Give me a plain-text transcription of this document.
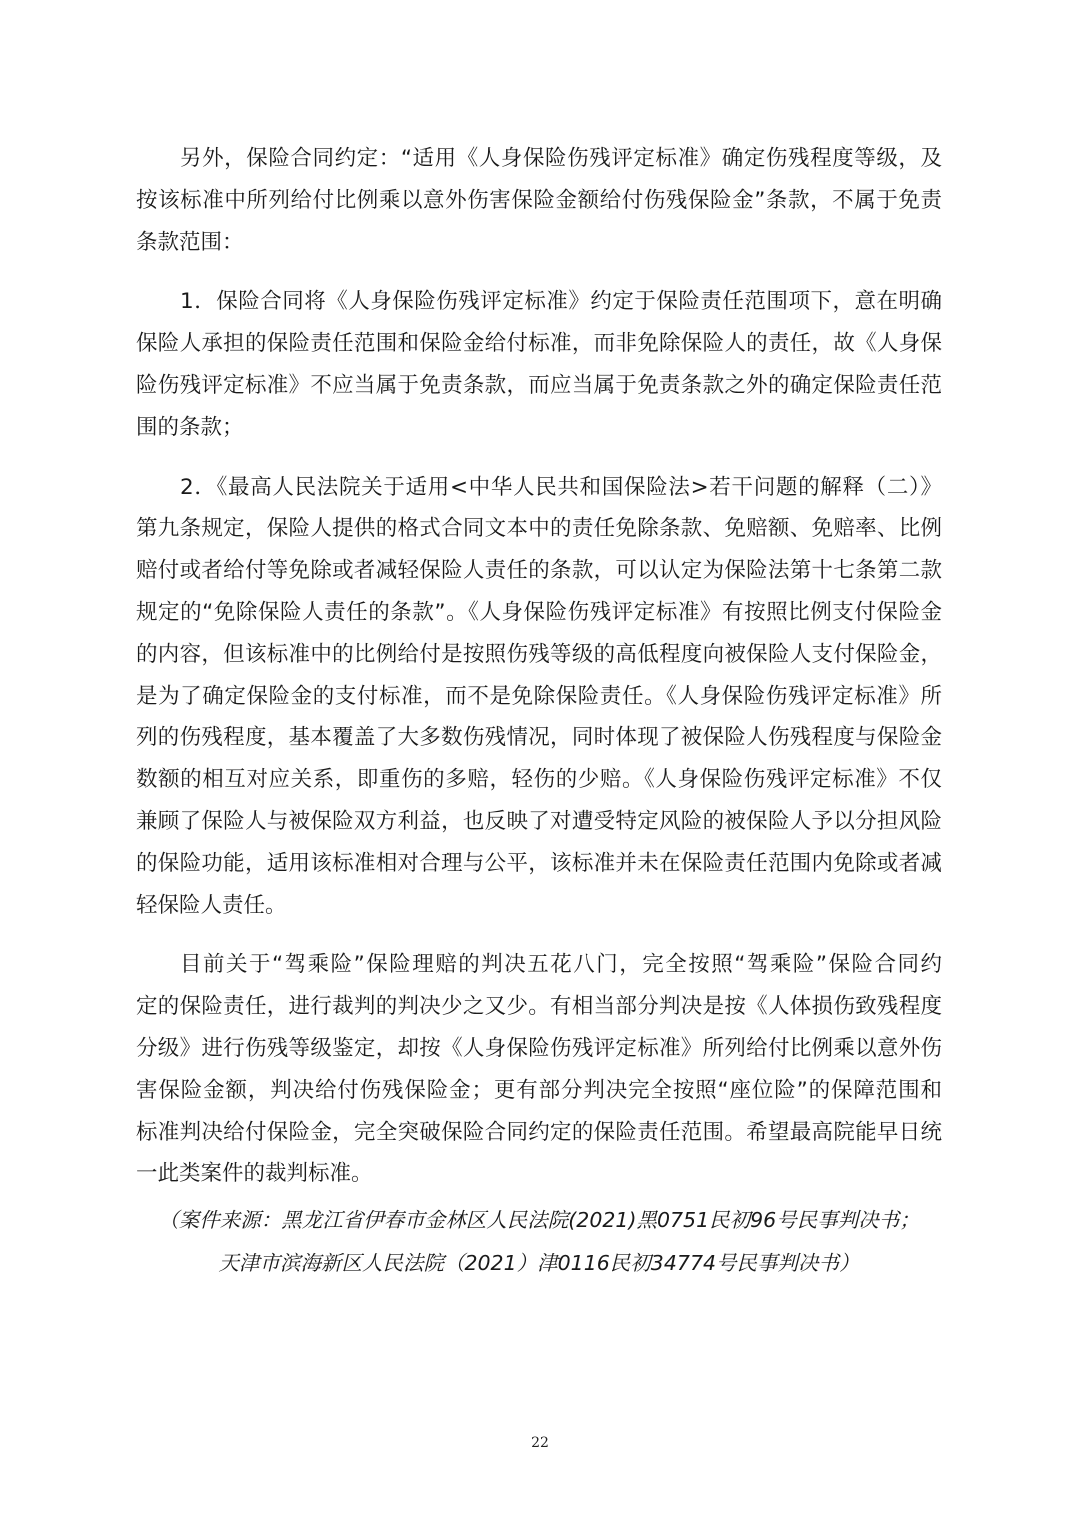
另外，保险合同约定：“适用《人身保险伤残评定标准》确定伤残程度等级，及
按该标准中所列给付比例乘以意外伤害保险金额给付伤残保险金”条款，不属于免责
条款范围：
1．保险合同将《人身保险伤残评定标准》约定于保险责任范围项下，意在明确
保险人承担的保险责任范围和保险金给付标准，而非免除保险人的责任，故《人身保
险伤残评定标准》不应当属于免责条款，而应当属于免责条款之外的确定保险责任范
围的条款；
2．《最高人民法院关于适用<中华人民共和国保险法>若干问题的解释（二）》
第九条规定，保险人提供的格式合同文本中的责任免除条款、免赔额、免赔率、比例
赔付或者给付等免除或者减轻保险人责任的条款，可以认定为保险法第十七条第二款
规定的“免除保险人责任的条款”。《人身保险伤残评定标准》有按照比例支付保险金
的内容，但该标准中的比例给付是按照伤残等级的高低程度向被保险人支付保险金，
是为了确定保险金的支付标准，而不是免除保险责任。《人身保险伤残评定标准》所
列的伤残程度，基本覆盖了大多数伤残情况，同时体现了被保险人伤残程度与保险金
数额的相互对应关系，即重伤的多赔，轻伤的少赔。《人身保险伤残评定标准》不仅
兼顾了保险人与被保险双方利益，也反映了对遭受特定风险的被保险人予以分担风险
的保险功能，适用该标准相对合理与公平，该标准并未在保险责任范围内免除或者减
轻保险人责任。
目前关于“驾乘险”保险理赔的判决五花八门，完全按照“驾乘险”保险合同约
定的保险责任，进行裁判的判决少之又少。有相当部分判决是按《人体损伤致残程度
分级》进行伤残等级鉴定，却按《人身保险伤残评定标准》所列给付比例乘以意外伤
害保险金额，判决给付伤残保险金；更有部分判决完全按照“座位险”的保障范围和
标准判决给付保险金，完全突破保险合同约定的保险责任范围。希望最高院能早日统
一此类案件的裁判标准。
（案件来源：黑龙江省伊春市金林区人民法院(2021)黑0751民初96号民事判决书；
天津市滨海新区人民法院（2021）津0116民初34774号民事判决书）
22
